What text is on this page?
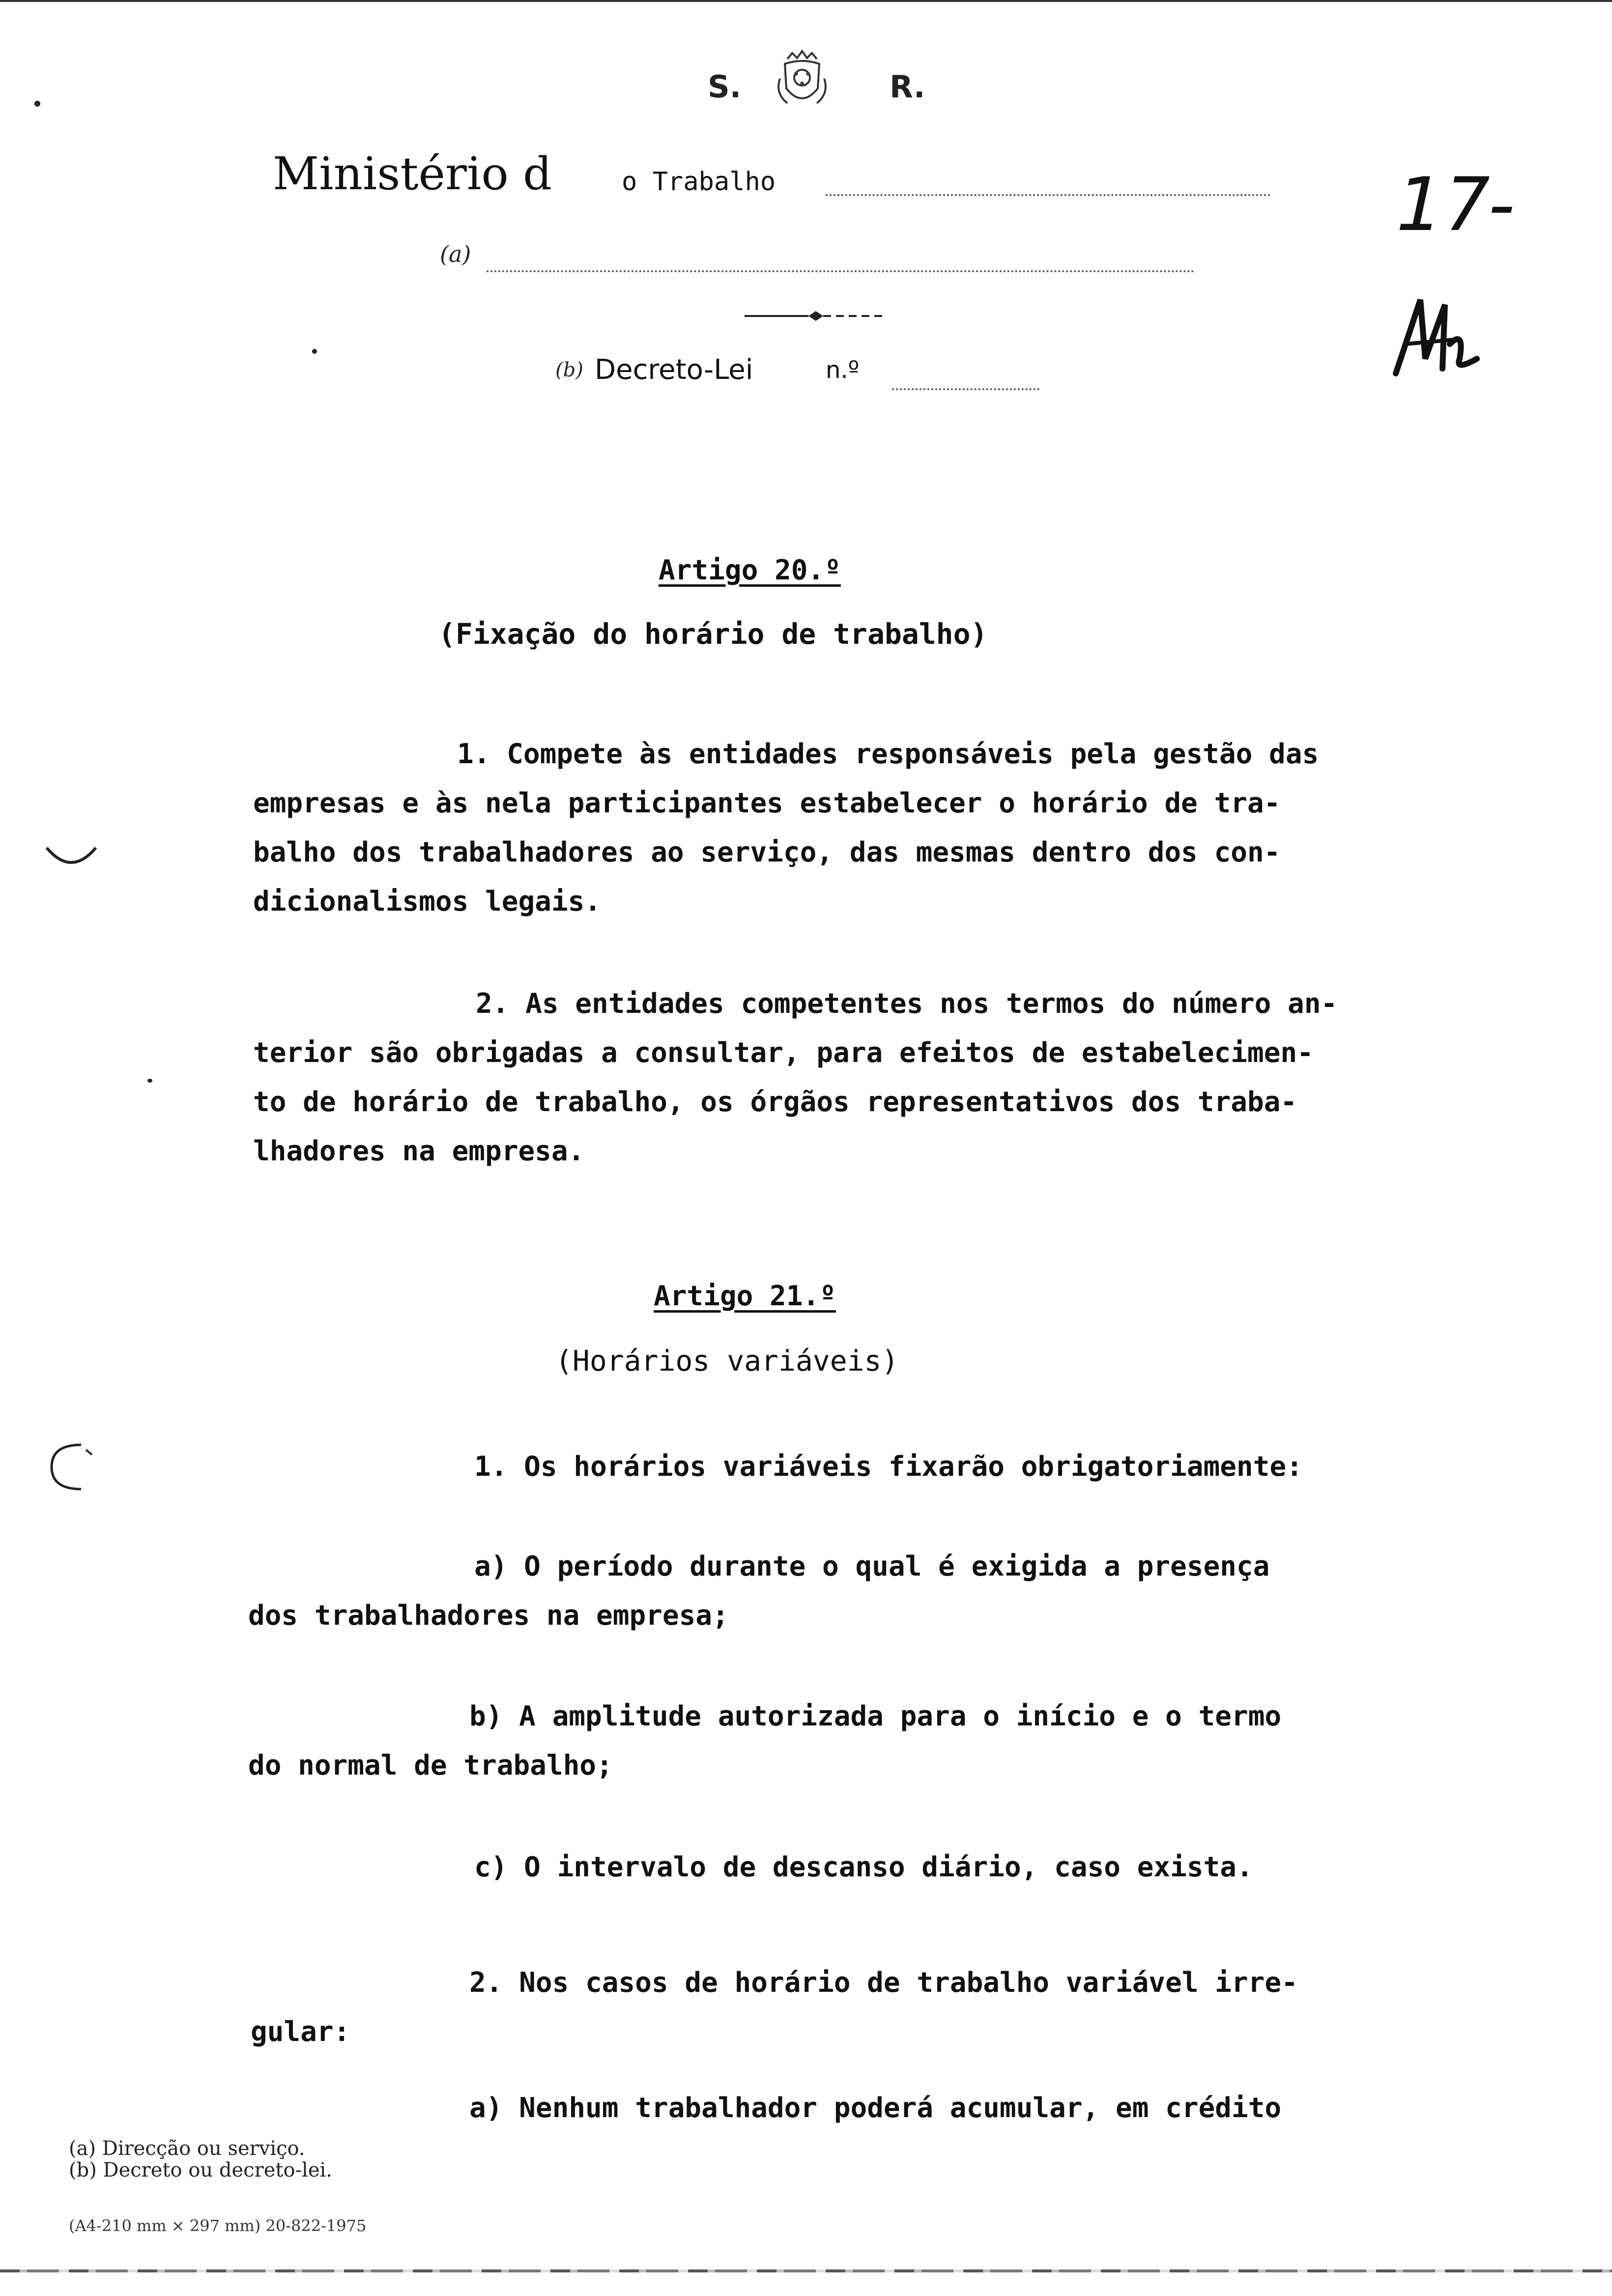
S.	R.
Ministério d	o Trabalho
(a)
(b) Decreto-Lei	n.º
17-
Artigo 20.º
(Fixação do horário de trabalho)
1. Compete às entidades responsáveis pela gestão das
empresas e às nela participantes estabelecer o horário de tra-
balho dos trabalhadores ao serviço, das mesmas dentro dos con-
dicionalismos legais.
2. As entidades competentes nos termos do número an-
terior são obrigadas a consultar, para efeitos de estabelecimen-
to de horário de trabalho, os órgãos representativos dos traba-
lhadores na empresa.
Artigo 21.º
(Horários variáveis)
1. Os horários variáveis fixarão obrigatoriamente:
a) O período durante o qual é exigida a presença
dos trabalhadores na empresa;
b) A amplitude autorizada para o início e o termo
do normal de trabalho;
c) O intervalo de descanso diário, caso exista.
2. Nos casos de horário de trabalho variável irre-
gular:
a) Nenhum trabalhador poderá acumular, em crédito
(a) Direcção ou serviço.
(b) Decreto ou decreto-lei.
(A4-210 mm × 297 mm) 20-822-1975
